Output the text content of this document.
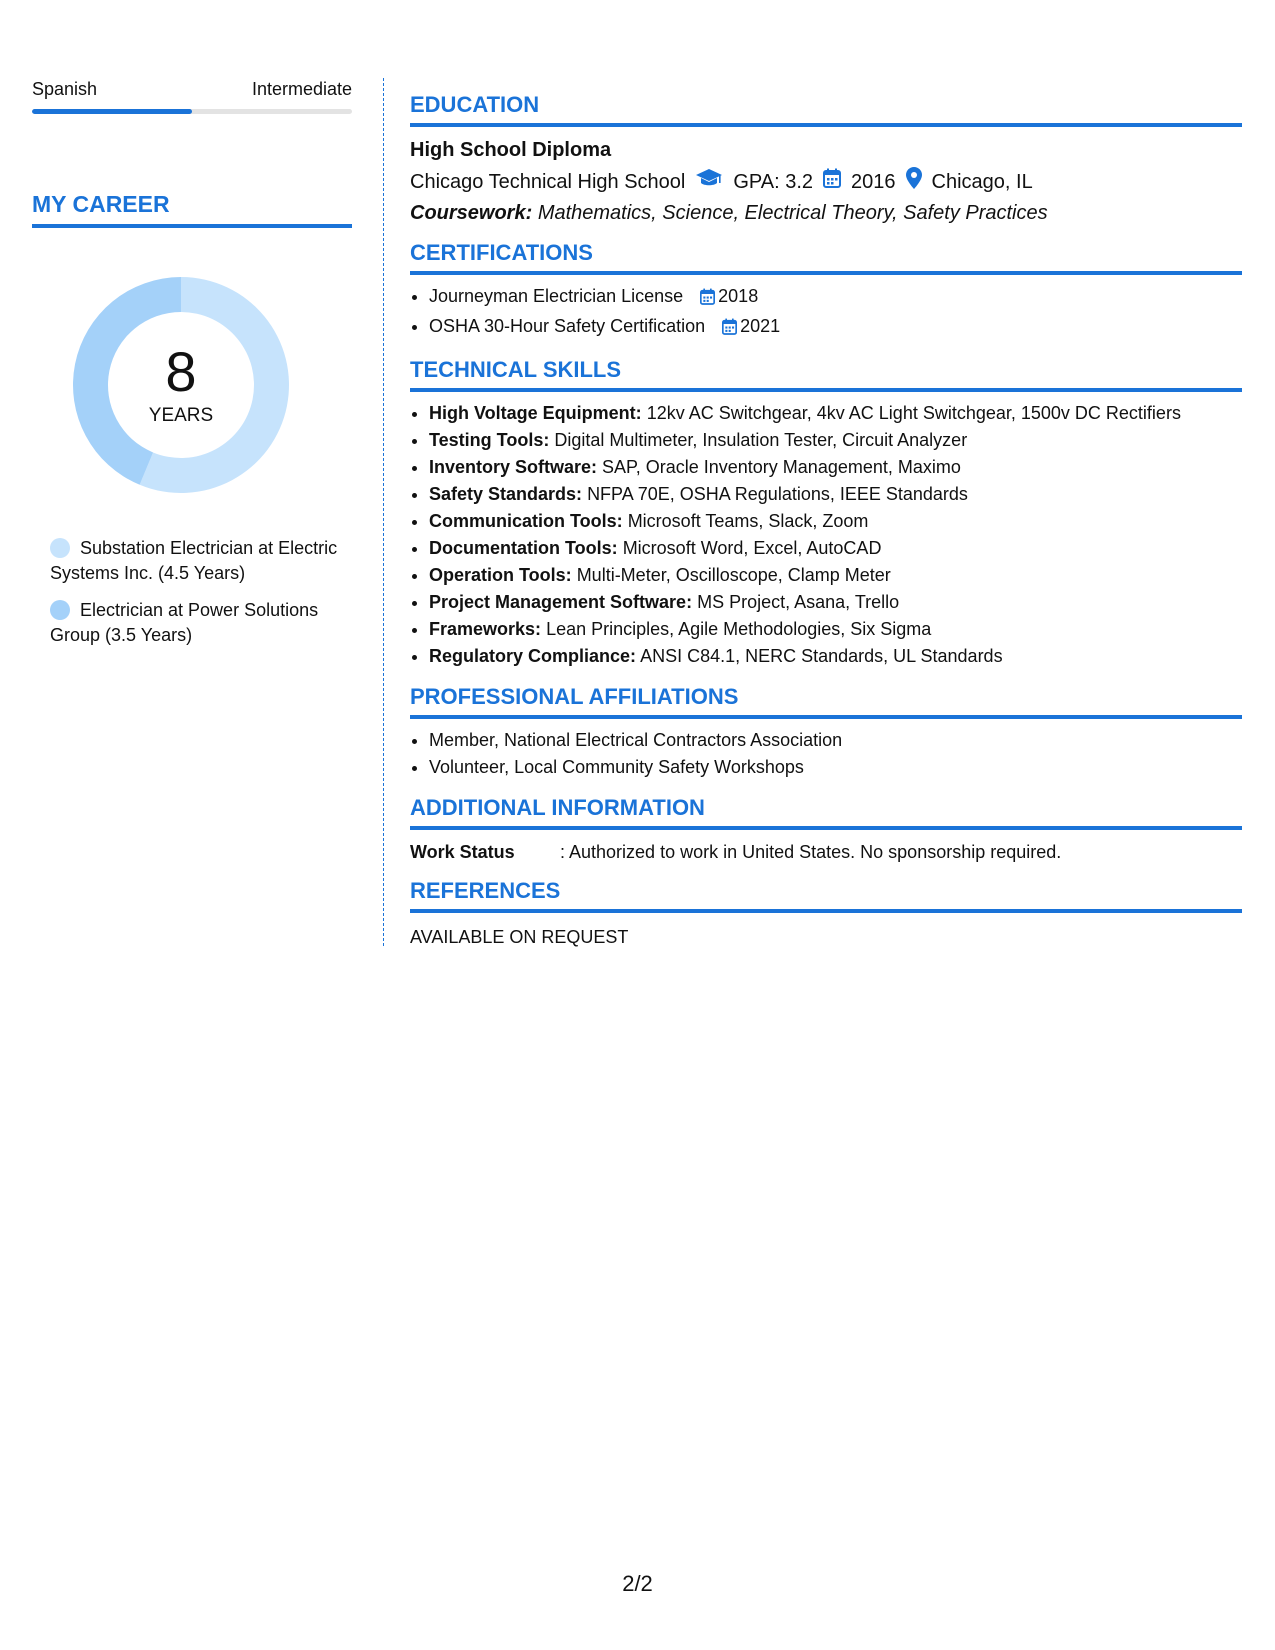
Spanish	Intermediate
MY CAREER
8
YEARS
Substation Electrician at Electric Systems Inc. (4.5 Years)
Electrician at Power Solutions Group (3.5 Years)
EDUCATION
High School Diploma
Chicago Technical High School GPA: 3.2 2016 Chicago, IL
Coursework: Mathematics, Science, Electrical Theory, Safety Practices
CERTIFICATIONS
• Journeyman Electrician License 2018
• OSHA 30-Hour Safety Certification 2021
TECHNICAL SKILLS
• High Voltage Equipment: 12kv AC Switchgear, 4kv AC Light Switchgear, 1500v DC Rectifiers
• Testing Tools: Digital Multimeter, Insulation Tester, Circuit Analyzer
• Inventory Software: SAP, Oracle Inventory Management, Maximo
• Safety Standards: NFPA 70E, OSHA Regulations, IEEE Standards
• Communication Tools: Microsoft Teams, Slack, Zoom
• Documentation Tools: Microsoft Word, Excel, AutoCAD
• Operation Tools: Multi-Meter, Oscilloscope, Clamp Meter
• Project Management Software: MS Project, Asana, Trello
• Frameworks: Lean Principles, Agile Methodologies, Six Sigma
• Regulatory Compliance: ANSI C84.1, NERC Standards, UL Standards
PROFESSIONAL AFFILIATIONS
• Member, National Electrical Contractors Association
• Volunteer, Local Community Safety Workshops
ADDITIONAL INFORMATION
Work Status	: Authorized to work in United States. No sponsorship required.
REFERENCES
AVAILABLE ON REQUEST
2/2
